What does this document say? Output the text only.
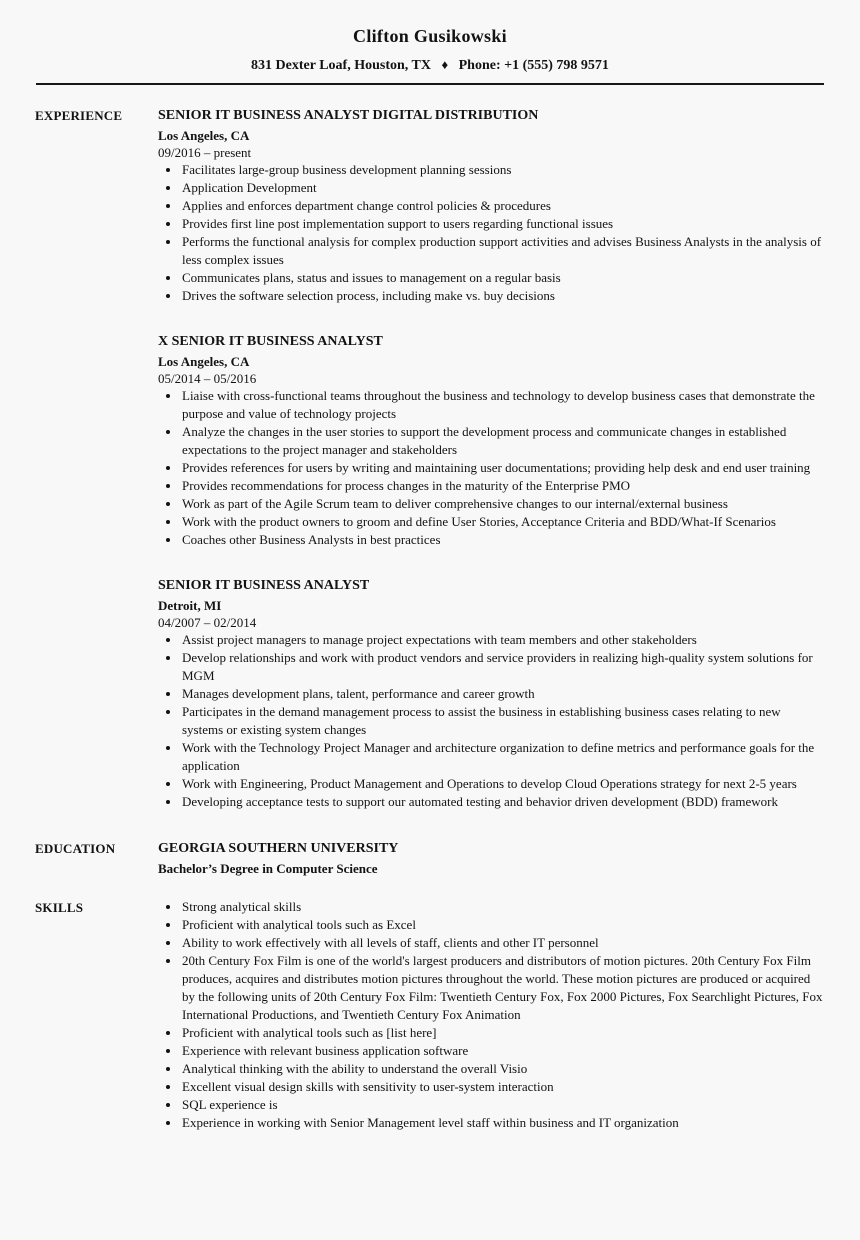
Clifton Gusikowski

831 Dexter Loaf, Houston, TX ♦ Phone: +1 (555) 798 9571

EXPERIENCE	SENIOR IT BUSINESS ANALYST DIGITAL DISTRIBUTION
Los Angeles, CA
09/2016 – present
• Facilitates large-group business development planning sessions
• Application Development
• Applies and enforces department change control policies & procedures
• Provides first line post implementation support to users regarding functional issues
• Performs the functional analysis for complex production support activities and advises Business Analysts in the analysis of less complex issues
• Communicates plans, status and issues to management on a regular basis
• Drives the software selection process, including make vs. buy decisions
X SENIOR IT BUSINESS ANALYST
Los Angeles, CA
05/2014 – 05/2016
• Liaise with cross-functional teams throughout the business and technology to develop business cases that demonstrate the purpose and value of technology projects
• Analyze the changes in the user stories to support the development process and communicate changes in established expectations to the project manager and stakeholders
• Provides references for users by writing and maintaining user documentations; providing help desk and end user training
• Provides recommendations for process changes in the maturity of the Enterprise PMO
• Work as part of the Agile Scrum team to deliver comprehensive changes to our internal/external business
• Work with the product owners to groom and define User Stories, Acceptance Criteria and BDD/What-If Scenarios
• Coaches other Business Analysts in best practices
SENIOR IT BUSINESS ANALYST
Detroit, MI
04/2007 – 02/2014
• Assist project managers to manage project expectations with team members and other stakeholders
• Develop relationships and work with product vendors and service providers in realizing high-quality system solutions for MGM
• Manages development plans, talent, performance and career growth
• Participates in the demand management process to assist the business in establishing business cases relating to new systems or existing system changes
• Work with the Technology Project Manager and architecture organization to define metrics and performance goals for the application
• Work with Engineering, Product Management and Operations to develop Cloud Operations strategy for next 2-5 years
• Developing acceptance tests to support our automated testing and behavior driven development (BDD) framework
EDUCATION	GEORGIA SOUTHERN UNIVERSITY
Bachelor’s Degree in Computer Science
SKILLS	• Strong analytical skills
• Proficient with analytical tools such as Excel
• Ability to work effectively with all levels of staff, clients and other IT personnel
• 20th Century Fox Film is one of the world's largest producers and distributors of motion pictures. 20th Century Fox Film produces, acquires and distributes motion pictures throughout the world. These motion pictures are produced or acquired by the following units of 20th Century Fox Film: Twentieth Century Fox, Fox 2000 Pictures, Fox Searchlight Pictures, Fox International Productions, and Twentieth Century Fox Animation
• Proficient with analytical tools such as [list here]
• Experience with relevant business application software
• Analytical thinking with the ability to understand the overall Visio
• Excellent visual design skills with sensitivity to user-system interaction
• SQL experience is
• Experience in working with Senior Management level staff within business and IT organization
